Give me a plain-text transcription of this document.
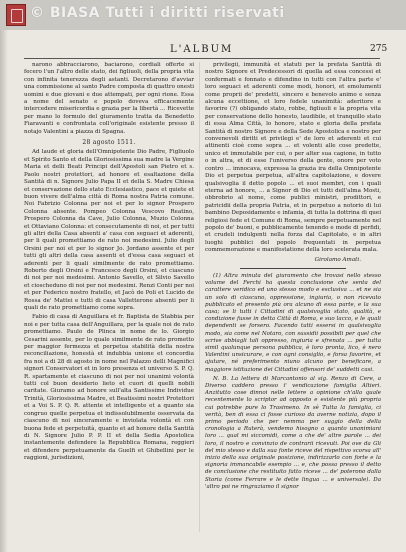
© BIASA Tutti i diritti riservati
L'ALBUM	275

narono abbracciarono, baciarono, cordiali offerte si fecero l'un l'altro delle stato, dei figliuoli, della propria vita con infinita tenerezza degli astanti. Decretarono d'avviar una commissione al santo Padre composta di quattro onesti uomini e due giovani e due attempati, per ogni rione. Essa a nome del senato e popolo doveva efficacemente intercedere misericordia e grazia per la libertà ... Ricevette per mano lo formulo del giuramento tratta da Benedetto Fiaravanti e confrontata coll'originale esistente presso il notajo Valentini a piazza di Spagna.

28 agosto 1511.

Ad laude et gloria dell'Omnipotente Dio Padre, Figliuolo et Spirito Santo et della Gloriosissima sua madre la Vergine Maria et delli Beati Principi dell'Apostoli san Pietro et s. Paolo nostri protettori, ad honore et esaltazione della Santità di n. Signore Julio Papa II et della S. Madre Chiesa et conservazione dello stato Ecclesiastico, pace et quiete et buon vivere dell'alma città di Roma nostra Patria comune. Noi Fabrizio Colonna per noi et per lo signor Prospero Colonna absente. Pompeo Colonna Vescovo Reatino, Prospero Colonna da Cave, Julio Colonna, Muzio Colonna et Ottaviano Colonna: et consecutamente di noi, et per tutti gli altri della Casa absenti a' casa con seguaci et aderenti, per li quali promettiamo de rato noi medesimi. Julio degli Orsini per noi et per lo signor Jo. Jordano assente et per tutti gli altri della casa assenti et d'essa casa seguaci et aderenti per li quali similmente de rato promettiamo. Roberto degli Orsini e Francesco degli Orsini, et ciascuno di noi per noi medesimi. Antonio Savello, et Silvio Savello et cioscheduno di noi per noi medesimi. Renzi Conti per noi et per Federico nostro fratello, et Jacò de Poli et Lucido de Rossa de' Mattei e tutti di casa Valletterone absenti per li quali de rato promettiamo come sopra.

Fabio di casa di Anguillara et fr. Baptista de Stabbia per noi e per tutta casa dell'Anguillara, per la quale noi de rato promettiamo. Paulo de Plinca in nome de lo. Giorgio Cesarini assente, per lo quale similmente de rato prometto per maggior fermezza et perpetua stabilità della nostra reconciliazione, honestà et indubbia unione et concordia fra noi a di 28 di agosto in nome nel Palazzo delli Magnifici signori Conservatori et in loro presenza et universo S. P. Q. R. spartamente et ciascuno di noi per noi unanimi volontà tutti col buon desiderio lieto et cuori di quelli nobili caritate. Giuramo ad honore sull'alta Santissime Individue Trinità, Gloriosissima Madre, et Beatissimi nostri Protettori et a Voi S. P. Q. R. attente et intelligente et a quanto sia congruo quelle perpetua et indissolubilmente osservata da ciascuno di noi sinceramente e inviolata volontà et con buona fede et perpetuità, quanto et ad honore della Santità di N. Signore Julio P. P. II et della Sedia Apostolica instantemente defendere la Repubblica Romana, reggieri et difendere perpetuamente da Guelfi et Ghibellini per le raggioni, jurisdizioni,

privilegii, immunità et statuti per la prefata Santità di nostro Signore et Predecessori di quella ad essa concessi et confermati e fonnato e difendino in tutti con l'altra parte e' loro seguaci et aderenti come modi, honori, et emolumenti come proprii de' predetti, sincero e benevolo animo e senza alcuna eccettione, et loro fedele unanimità: aderitore e favorire (?) obligando stato, robbe, figliuoli e la propria vita per conservatione dello honesto, laudibile, et tranquillo stato di essa Alma Città, lo honore, stato e gloria della prefata Santità di nostro Signore e della Sede Apostolica e nostro per convenevoli diritti et privilegi e' de loro et aderenti et cui attinenti cioè come sopra ... et volenti alle cose predette, unico et immutabile per cui, o per alter sua cagione, in tutto o in altra, et di esse l'universo della gente, onore per voto contro ... imnocava, expressa la grazia ira della Omnipotente Dio et perpetua perpetua, all'altra capitolazione, e dovere qualsivoglia il detto popolo ... et suoi membri, con i quali eterna ad honore, ... a Signor di Dio et tutti dell'alma Mosti, obbrobrio al nome, come publici ministri, prodittori, e patricidii della propria Patria, et in perpetuo a notorio di lui bambino Deposidamente e infamia, di tutta la dottrina di quei religiosi fede et Comune di Roma, sempre perpetuamente nel popolo de' buoni, e pubblicamente tenendo e mode di perfidi, et crudeli indulgenti nella forza dal Capitolato, e in altri luoghi pubblici del popolo frequentati in perpetua commemorazione e manifestatione della loro scelerata mala.

Girolamo Amati.

(1) Altra minuta del giuramento che trovasi nello stesso volume del Ferchi ha questa conclusione che senta del carattere veridico ed uno stesso modo e esclusiva ... et ne sia un solo di ciascuno, oppressione, ingiuria, o non ricevuto pubblicato et presento più ora alcuno di essa parte, e la sua casa; se li tutti i Cittadini di qualsivoglia stato, qualità, e condizione fusse in detta Città di Roma, e suo lacco, e le quali dependenti se forsero. Facendo tutti essersi in qualsivoglia modo, sia come nel Notaro, con sussidii possibili per quel che scrive abbiagli tali oppresso, ingiuria e sfrenata ... per tutta simil qualunque persona pubblica, è loro pronta, lico, è nero Valentini unsicurare, e con ogni consiglio, e forsa favorire, et ajutare, né preferimento niuno alcuno per beneficare, a maggiore istituzione dei Cittadini offensori de' suddetti casi.

N. B. La lettera di Marcantonio al sig. Renzo di Cere, a Diverso caddero presso i' vendicazione famiglia Altieri. Anzitutto cose dinnoi nelle lettere a opinione ch'alla quale recentemente lo scriptor ad opposto e esistente più propria cui potrebbe pure lo Trasimeno. In sè Tutta la famiglia, ci verità, ben di essa ci fosse curioso da averne notizia, dopo il primo periodo che per nemma per suggio della della cronologia a Ruterà, vendemo hisogno a quanto unanimiani loro ... qual mi siccomidi, come a che de' altre parole ... dei loro, il nostro e convinzio de contrarii ricevuti. Poi ove da Gli del mio stesso e dalla sua fonte riceve del rispettivo scorsa all' inizio della sua originale posizione, indirizzarlo con forte e la signoria immancabile esempio ... e, che possa presso il detto de conclusione che restituito fatto riceve ... de' poterono dalla Storia (come Ferrare e le dette lingua ... e universale). Da 'altro poi ne ringraziamo il signor
